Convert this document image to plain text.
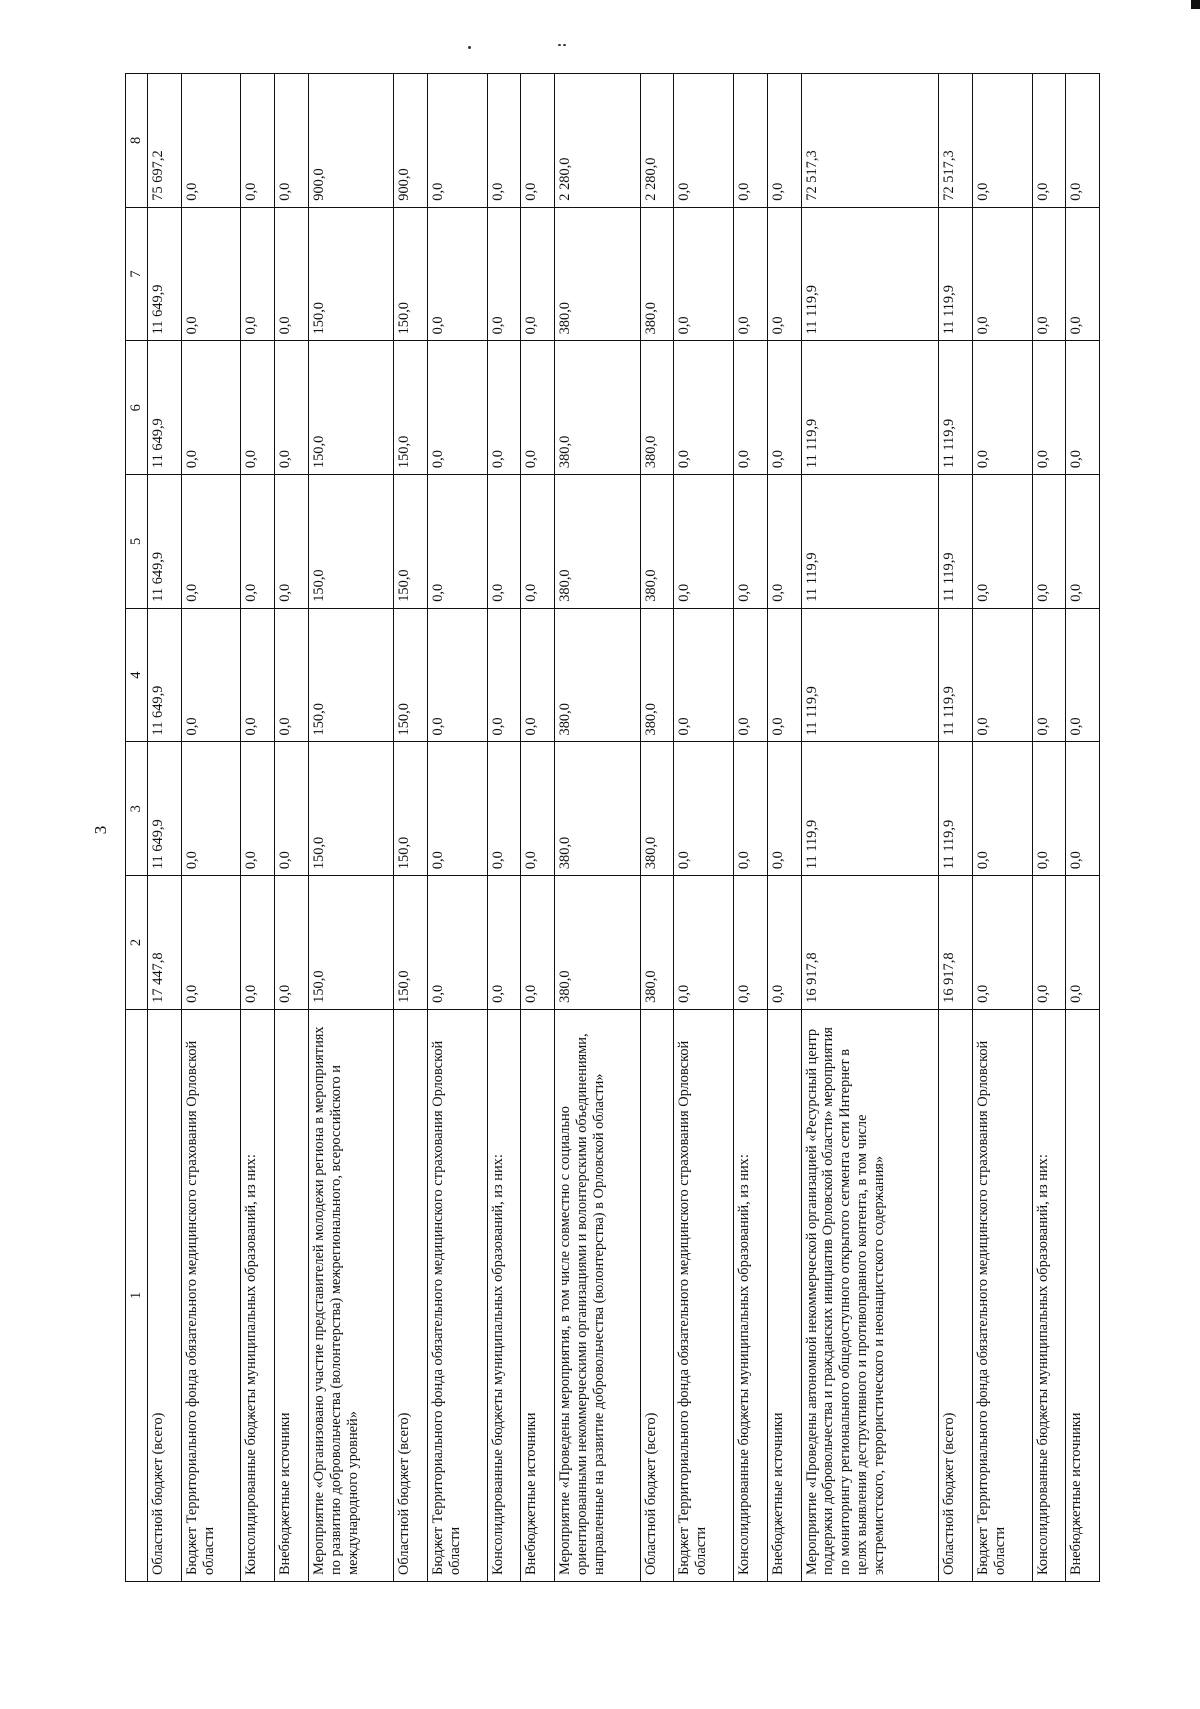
3
1	2	3	4	5	6	7	8
Областной бюджет (всего)	17 447,8	11 649,9	11 649,9	11 649,9	11 649,9	11 649,9	75 697,2
Бюджет Территориального фонда обязательного медицинского страхования Орловской области	0,0	0,0	0,0	0,0	0,0	0,0	0,0
Консолидированные бюджеты муниципальных образований, из них:	0,0	0,0	0,0	0,0	0,0	0,0	0,0
Внебюджетные источники	0,0	0,0	0,0	0,0	0,0	0,0	0,0
Мероприятие «Организовано участие представителей молодежи региона в мероприятиях по развитию добровольчества (волонтерства) межрегионального, всероссийского и международного уровней»	150,0	150,0	150,0	150,0	150,0	150,0	900,0
Областной бюджет (всего)	150,0	150,0	150,0	150,0	150,0	150,0	900,0
Бюджет Территориального фонда обязательного медицинского страхования Орловской области	0,0	0,0	0,0	0,0	0,0	0,0	0,0
Консолидированные бюджеты муниципальных образований, из них:	0,0	0,0	0,0	0,0	0,0	0,0	0,0
Внебюджетные источники	0,0	0,0	0,0	0,0	0,0	0,0	0,0
Мероприятие «Проведены мероприятия, в том числе совместно с социально ориентированными некоммерческими организациями и волонтерскими объединениями, направленные на развитие добровольчества (волонтерства) в Орловской области»	380,0	380,0	380,0	380,0	380,0	380,0	2 280,0
Областной бюджет (всего)	380,0	380,0	380,0	380,0	380,0	380,0	2 280,0
Бюджет Территориального фонда обязательного медицинского страхования Орловской области	0,0	0,0	0,0	0,0	0,0	0,0	0,0
Консолидированные бюджеты муниципальных образований, из них:	0,0	0,0	0,0	0,0	0,0	0,0	0,0
Внебюджетные источники	0,0	0,0	0,0	0,0	0,0	0,0	0,0
Мероприятие «Проведены автономной некоммерческой организацией «Ресурсный центр поддержки добровольчества и гражданских инициатив Орловской области» мероприятия по мониторингу регионального общедоступного открытого сегмента сети Интернет в целях выявления деструктивного и противоправного контента, в том числе экстремистского, террористического и неонацистского содержания»	16 917,8	11 119,9	11 119,9	11 119,9	11 119,9	11 119,9	72 517,3
Областной бюджет (всего)	16 917,8	11 119,9	11 119,9	11 119,9	11 119,9	11 119,9	72 517,3
Бюджет Территориального фонда обязательного медицинского страхования Орловской области	0,0	0,0	0,0	0,0	0,0	0,0	0,0
Консолидированные бюджеты муниципальных образований, из них:	0,0	0,0	0,0	0,0	0,0	0,0	0,0
Внебюджетные источники	0,0	0,0	0,0	0,0	0,0	0,0	0,0
